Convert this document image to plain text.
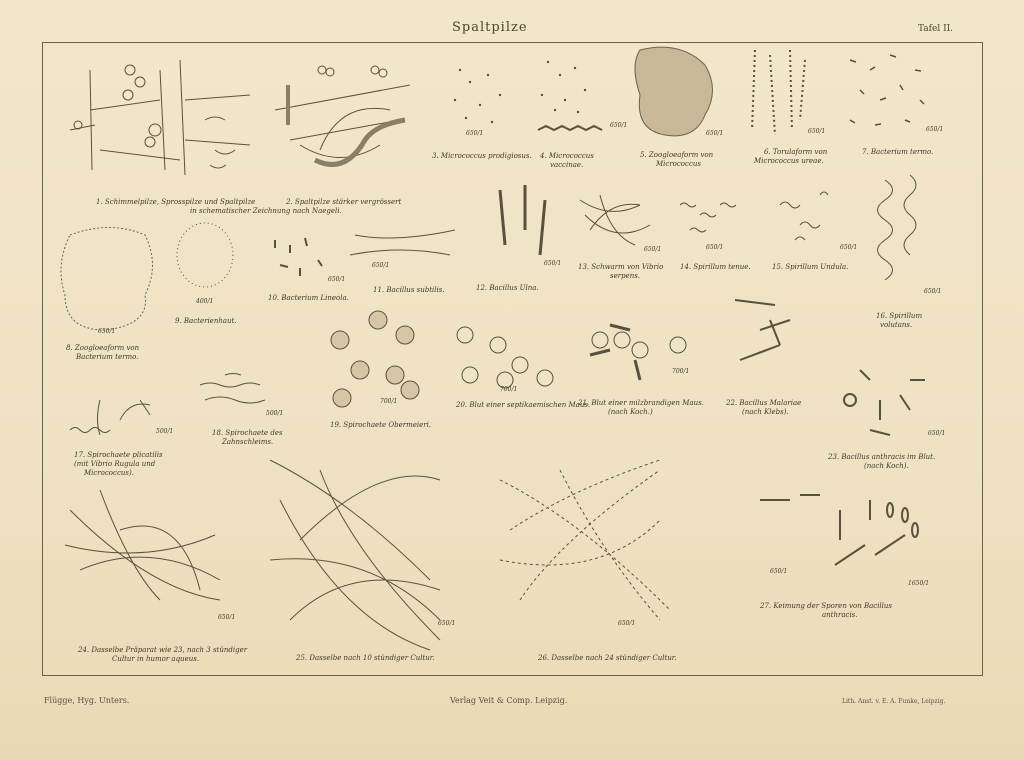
Spaltpilze	Tafel II.
1. Schimmelpilze, Sprosspilze und Spaltpilze
in schematischer Zeichnung nach Naegeli.
2. Spaltpilze stärker vergrössert
3. Micrococcus prodigiosus. 4. Micrococcus
vaccinae.
5. Zoogloeaform von
Micrococcus
6. Torulaform von
Micrococcus ureae.
7. Bacterium termo.
8. Zoogloeaform von
Bacterium termo.
9. Bacterienhaut.
10. Bacterium Lineola.
11. Bacillus subtilis.	12. Bacillus Ulna.
13. Schwarm von Vibrio
serpens.
14. Spirillum tenue.	15. Spirillum Undula.
16. Spirillum
volutans.
17. Spirochaete plicatilis
(mit Vibrio Rugula und
Micrococcus).
18. Spirochaete des
Zahnschleims.
19. Spirochaete Obermeieri.
20. Blut einer septikaemischen Maus.
21. Blut einer milzbrandigen Maus.
(nach Koch.)
22. Bacillus Malariae
(nach Klebs).
23. Bacillus anthracis im Blut.
(nach Koch).
24. Dasselbe Präparat wie 23, nach 3 stündiger
Cultur in humor aqueus.	25. Dasselbe nach 10 stündiger Cultur.	26. Dasselbe nach 24 stündiger Cultur.
27. Keimung der Sporen von Bacillus
anthracis.
650/1
650/1
650/1	650/1	650/1
650/1
400/1
650/1
650/1	650/1
650/1	650/1	650/1
650/1
500/1
500/1
700/1
700/1
700/1
650/1
650/1
650/1	650/1
650/1
1650/1
Flügge, Hyg. Unters.	Verlag Veit & Comp. Leipzig.	Lith. Anst. v. E. A. Funke, Leipzig.
